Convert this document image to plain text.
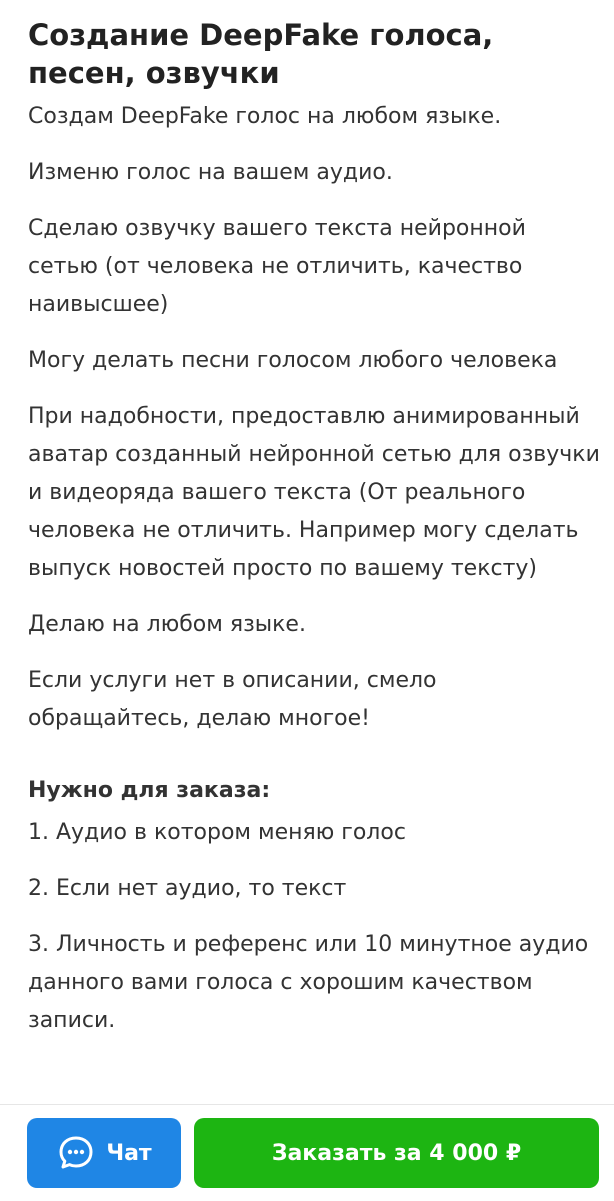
Создание DeepFake голоса, песен, озвучки

Создам DeepFake голос на любом языке.

Изменю голос на вашем аудио.

Сделаю озвучку вашего текста нейронной сетью (от человека не отличить, качество наивысшее)

Могу делать песни голосом любого человека

При надобности, предоставлю анимированный аватар созданный нейронной сетью для озвучки и видеоряда вашего текста (От реального человека не отличить. Например могу сделать выпуск новостей просто по вашему тексту)

Делаю на любом языке.

Если услуги нет в описании, смело обращайтесь, делаю многое!

Нужно для заказа:

1. Аудио в котором меняю голос

2. Если нет аудио, то текст

3. Личность и референс или 10 минутное аудио данного вами голоса с хорошим качеством записи.

Чат	Заказать за 4 000 ₽
